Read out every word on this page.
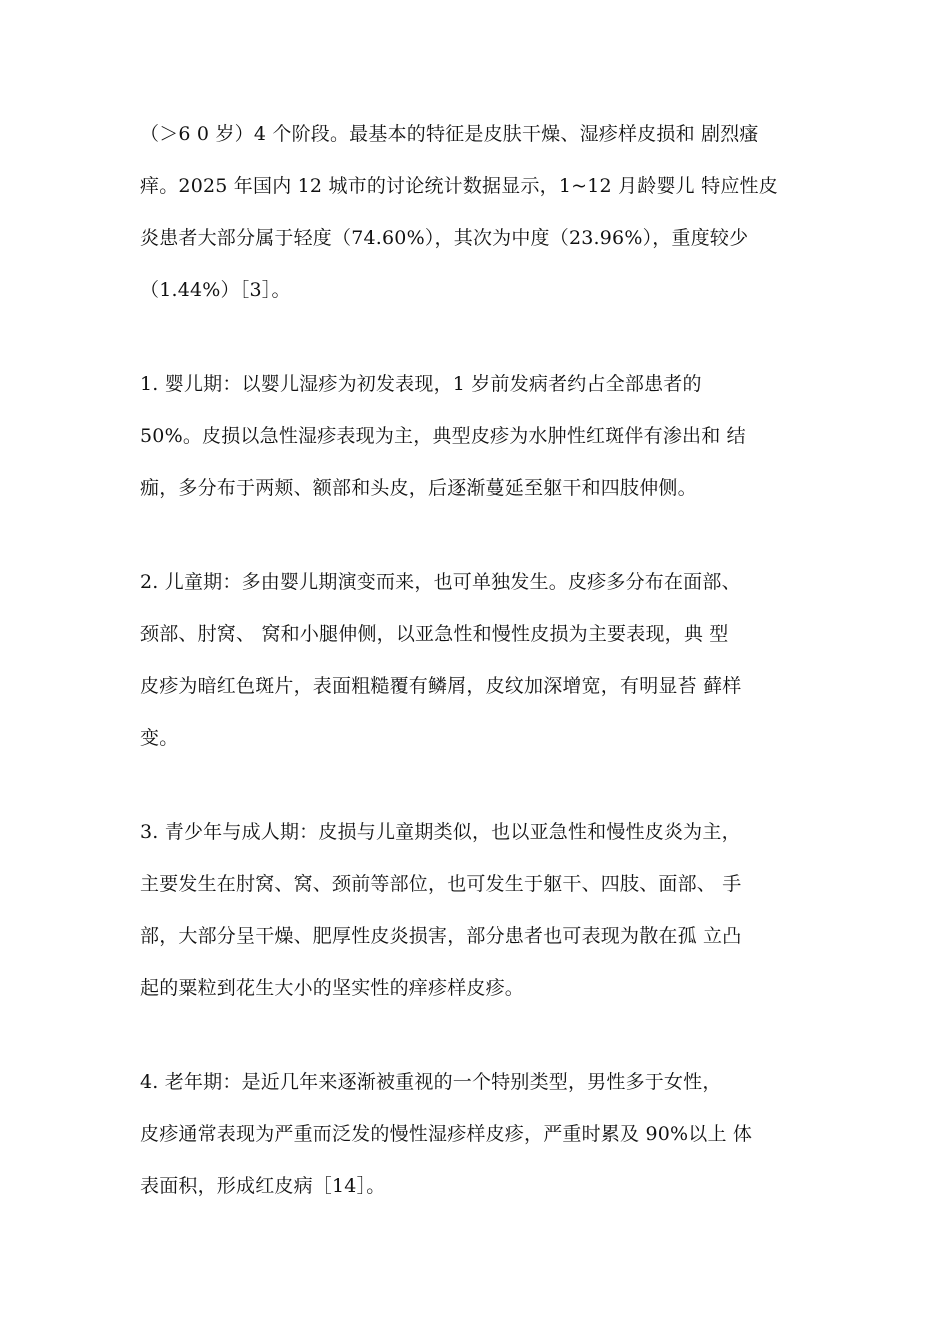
（＞6 0 岁）4 个阶段。最基本的特征是皮肤干燥、湿疹样皮损和 剧烈瘙
痒。2025 年国内 12 城市的讨论统计数据显示，1~12 月龄婴儿 特应性皮
炎患者大部分属于轻度（74.60%），其次为中度（23.96%），重度较少
（1.44%）［3］。
1. 婴儿期：以婴儿湿疹为初发表现，1 岁前发病者约占全部患者的
50%。皮损以急性湿疹表现为主，典型皮疹为水肿性红斑伴有渗出和 结
痂，多分布于两颊、额部和头皮，后逐渐蔓延至躯干和四肢伸侧。
2. 儿童期：多由婴儿期演变而来，也可单独发生。皮疹多分布在面部、
颈部、肘窝、 窝和小腿伸侧，以亚急性和慢性皮损为主要表现，典 型
皮疹为暗红色斑片，表面粗糙覆有鳞屑，皮纹加深增宽，有明显苔 藓样
变。
3. 青少年与成人期：皮损与儿童期类似，也以亚急性和慢性皮炎为主，
主要发生在肘窝、窝、颈前等部位，也可发生于躯干、四肢、面部、 手
部，大部分呈干燥、肥厚性皮炎损害，部分患者也可表现为散在孤 立凸
起的粟粒到花生大小的坚实性的痒疹样皮疹。
4. 老年期：是近几年来逐渐被重视的一个特别类型，男性多于女性，
皮疹通常表现为严重而泛发的慢性湿疹样皮疹，严重时累及 90%以上 体
表面积，形成红皮病［14］。
